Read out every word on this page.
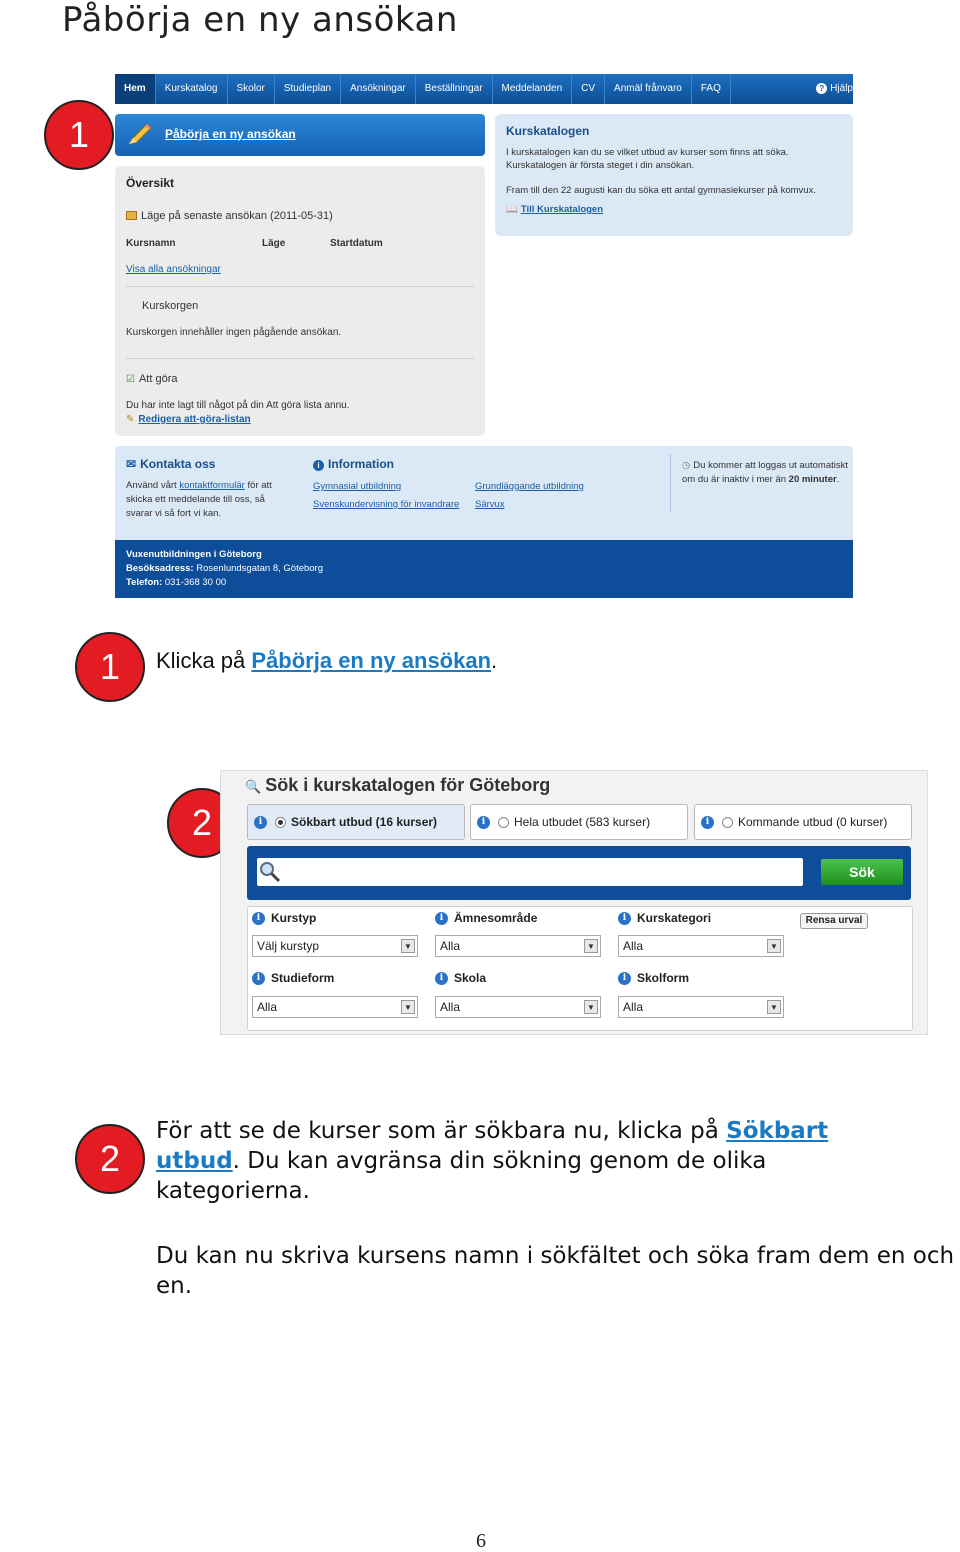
Påbörja en ny ansökan
1
Hem	Kurskatalog	Skolor	Studieplan	Ansökningar	Beställningar	Meddelanden	CV	Anmäl frånvaro	FAQ	? Hjälp
Påbörja en ny ansökan
Översikt
Läge på senaste ansökan (2011-05-31)
Kursnamn	Läge	Startdatum
Visa alla ansökningar
Kurskorgen
Kurskorgen innehåller ingen pågående ansökan.
☑ Att göra
Du har inte lagt till något på din Att göra lista annu.
✎ Redigera att-göra-listan
Kurskatalogen
I kurskatalogen kan du se vilket utbud av kurser som finns att söka.
Kurskatalogen är första steget i din ansökan.
Fram till den 22 augusti kan du söka ett antal gymnasiekurser på komvux.
📖 Till Kurskatalogen
✉ Kontakta oss
Använd vårt kontaktformulär för att skicka ett meddelande till oss, så svarar vi så fort vi kan.
i Information
Gymnasial utbildning	Grundläggande utbildning
Svenskundervisning för invandrare Särvux
◷ Du kommer att loggas ut automatiskt om du är inaktiv i mer än 20 minuter.
Vuxenutbildningen i Göteborg
Besöksadress: Rosenlundsgatan 8, Göteborg
Telefon: 031-368 30 00
1	Klicka på Påbörja en ny ansökan.
2
🔍 Sök i kurskatalogen för Göteborg
i	Sökbart utbud (16 kurser)	i	Hela utbudet (583 kurser)	i	Kommande utbud (0 kurser)
Sök
Rensa urval
i Kurstyp
Välj kurstyp	▼
i Ämnesområde
Alla	▼
i Kurskategori
Alla	▼
i Studieform
Alla	▼
i Skola
Alla	▼
i Skolform
Alla	▼
2
För att se de kurser som är sökbara nu, klicka på Sökbart
utbud. Du kan avgränsa din sökning genom de olika
kategorierna.
Du kan nu skriva kursens namn i sökfältet och söka fram dem en och
en.
6
